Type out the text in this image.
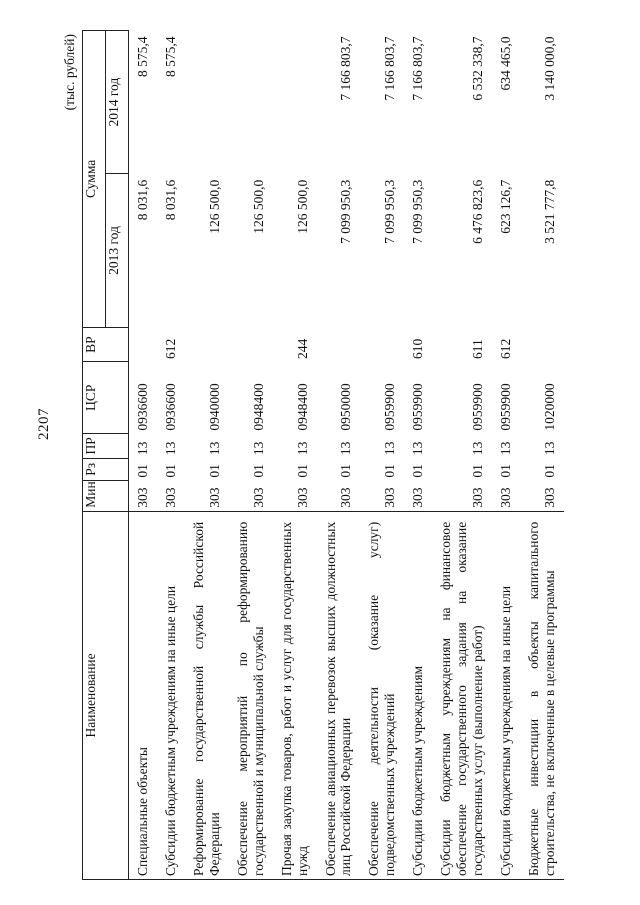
2207
(тыс. рублей)
Наименование	Мин	Рз	ПР	ЦСР	ВР	Сумма	
						2013 год	2014 год
Специальные объекты	303	01	13	0936600		8 031,6	8 575,4
Субсидии бюджетным учреждениям на иные цели	303	01	13	0936600	612	8 031,6	8 575,4
Реформирование государственной службы Российской Федерации	303	01	13	0940000		126 500,0	
Обеспечение мероприятий по реформированию государственной и муниципальной службы	303	01	13	0948400		126 500,0	
Прочая закупка товаров, работ и услуг для государственных нужд	303	01	13	0948400	244	126 500,0	
Обеспечение авиационных перевозок высших должностных лиц Российской Федерации	303	01	13	0950000		7 099 950,3	7 166 803,7
Обеспечение деятельности (оказание услуг) подведомственных учреждений	303	01	13	0959900		7 099 950,3	7 166 803,7
Субсидии бюджетным учреждениям	303	01	13	0959900	610	7 099 950,3	7 166 803,7
Субсидии бюджетным учреждениям на финансовое обеспечение государственного задания на оказание государственных услуг (выполнение работ)	303	01	13	0959900	611	6 476 823,6	6 532 338,7
Субсидии бюджетным учреждениям на иные цели	303	01	13	0959900	612	623 126,7	634 465,0
Бюджетные инвестиции в объекты капитального строительства, не включенные в целевые программы	303	01	13	1020000		3 521 777,8	3 140 000,0
